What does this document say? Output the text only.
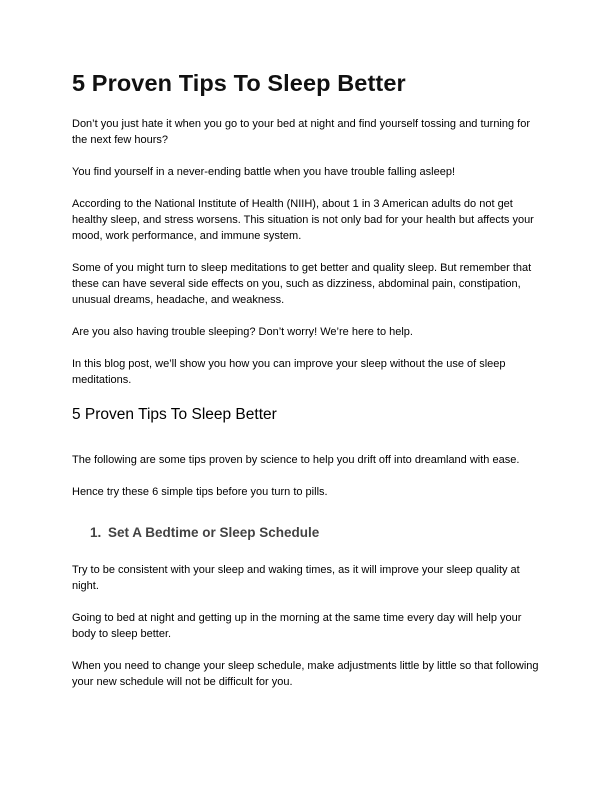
5 Proven Tips To Sleep Better

Don’t you just hate it when you go to your bed at night and find yourself tossing and turning for the next few hours?

You find yourself in a never-ending battle when you have trouble falling asleep!

According to the National Institute of Health (NIIH), about 1 in 3 American adults do not get healthy sleep, and stress worsens. This situation is not only bad for your health but affects your mood, work performance, and immune system.

Some of you might turn to sleep meditations to get better and quality sleep. But remember that these can have several side effects on you, such as dizziness, abdominal pain, constipation, unusual dreams, headache, and weakness.

Are you also having trouble sleeping? Don’t worry! We’re here to help.

In this blog post, we’ll show you how you can improve your sleep without the use of sleep meditations.

5 Proven Tips To Sleep Better

The following are some tips proven by science to help you drift off into dreamland with ease.

Hence try these 6 simple tips before you turn to pills.

1. Set A Bedtime or Sleep Schedule

Try to be consistent with your sleep and waking times, as it will improve your sleep quality at night.

Going to bed at night and getting up in the morning at the same time every day will help your body to sleep better.

When you need to change your sleep schedule, make adjustments little by little so that following your new schedule will not be difficult for you.
